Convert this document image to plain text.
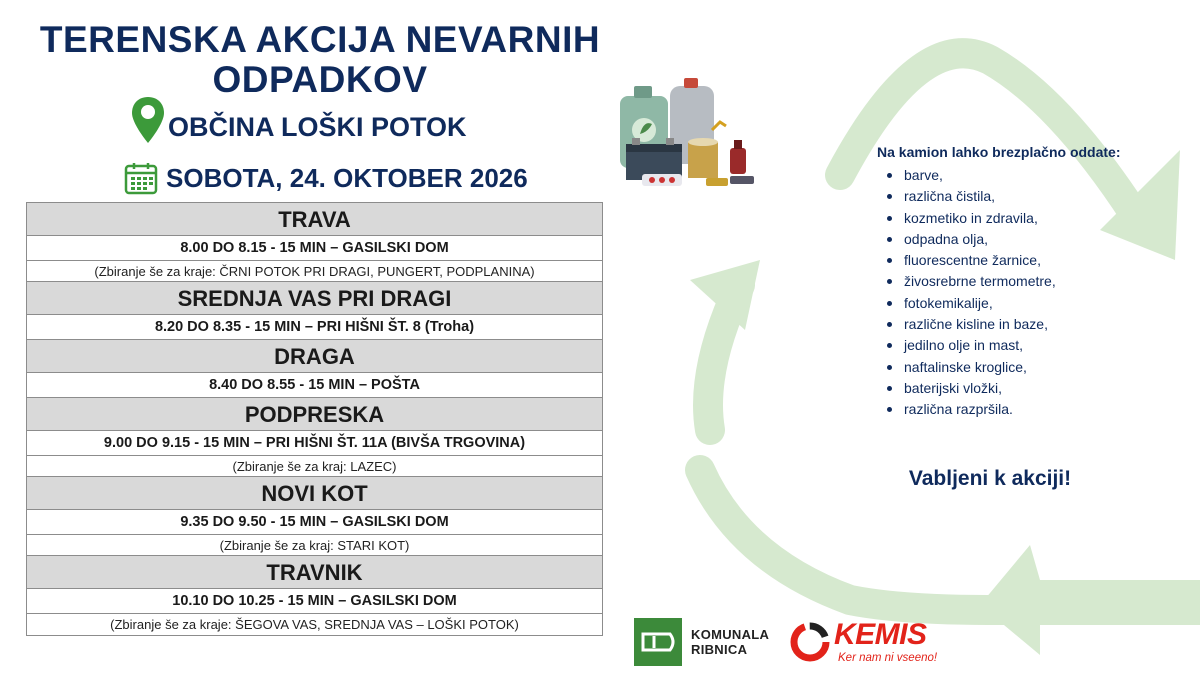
TERENSKA AKCIJA NEVARNIH ODPADKOV
OBČINA LOŠKI POTOK
SOBOTA, 24. OKTOBER 2026
TRAVA
8.00 DO 8.15 - 15 MIN – GASILSKI DOM
(Zbiranje še za kraje: ČRNI POTOK PRI DRAGI, PUNGERT, PODPLANINA)
SREDNJA VAS PRI DRAGI
8.20 DO 8.35 - 15 MIN – PRI HIŠNI ŠT. 8 (Troha)
DRAGA
8.40 DO 8.55 - 15 MIN – POŠTA
PODPRESKA
9.00 DO 9.15 - 15 MIN – PRI HIŠNI ŠT. 11A (BIVŠA TRGOVINA)
(Zbiranje še za kraj: LAZEC)
NOVI KOT
9.35 DO 9.50 - 15 MIN – GASILSKI DOM
(Zbiranje še za kraj: STARI KOT)
TRAVNIK
10.10 DO 10.25 - 15 MIN – GASILSKI DOM
(Zbiranje še za kraje: ŠEGOVA VAS, SREDNJA VAS – LOŠKI POTOK)
Na kamion lahko brezplačno oddate:
barve,
različna čistila,
kozmetiko in zdravila,
odpadna olja,
fluorescentne žarnice,
živosrebrne termometre,
fotokemikalije,
različne kisline in baze,
jedilno olje in mast,
naftalinske kroglice,
baterijski vložki,
različna razpršila.
Vabljeni k akciji!
KOMUNALA
RIBNICA	KEMIS
Ker nam ni vseeno!
